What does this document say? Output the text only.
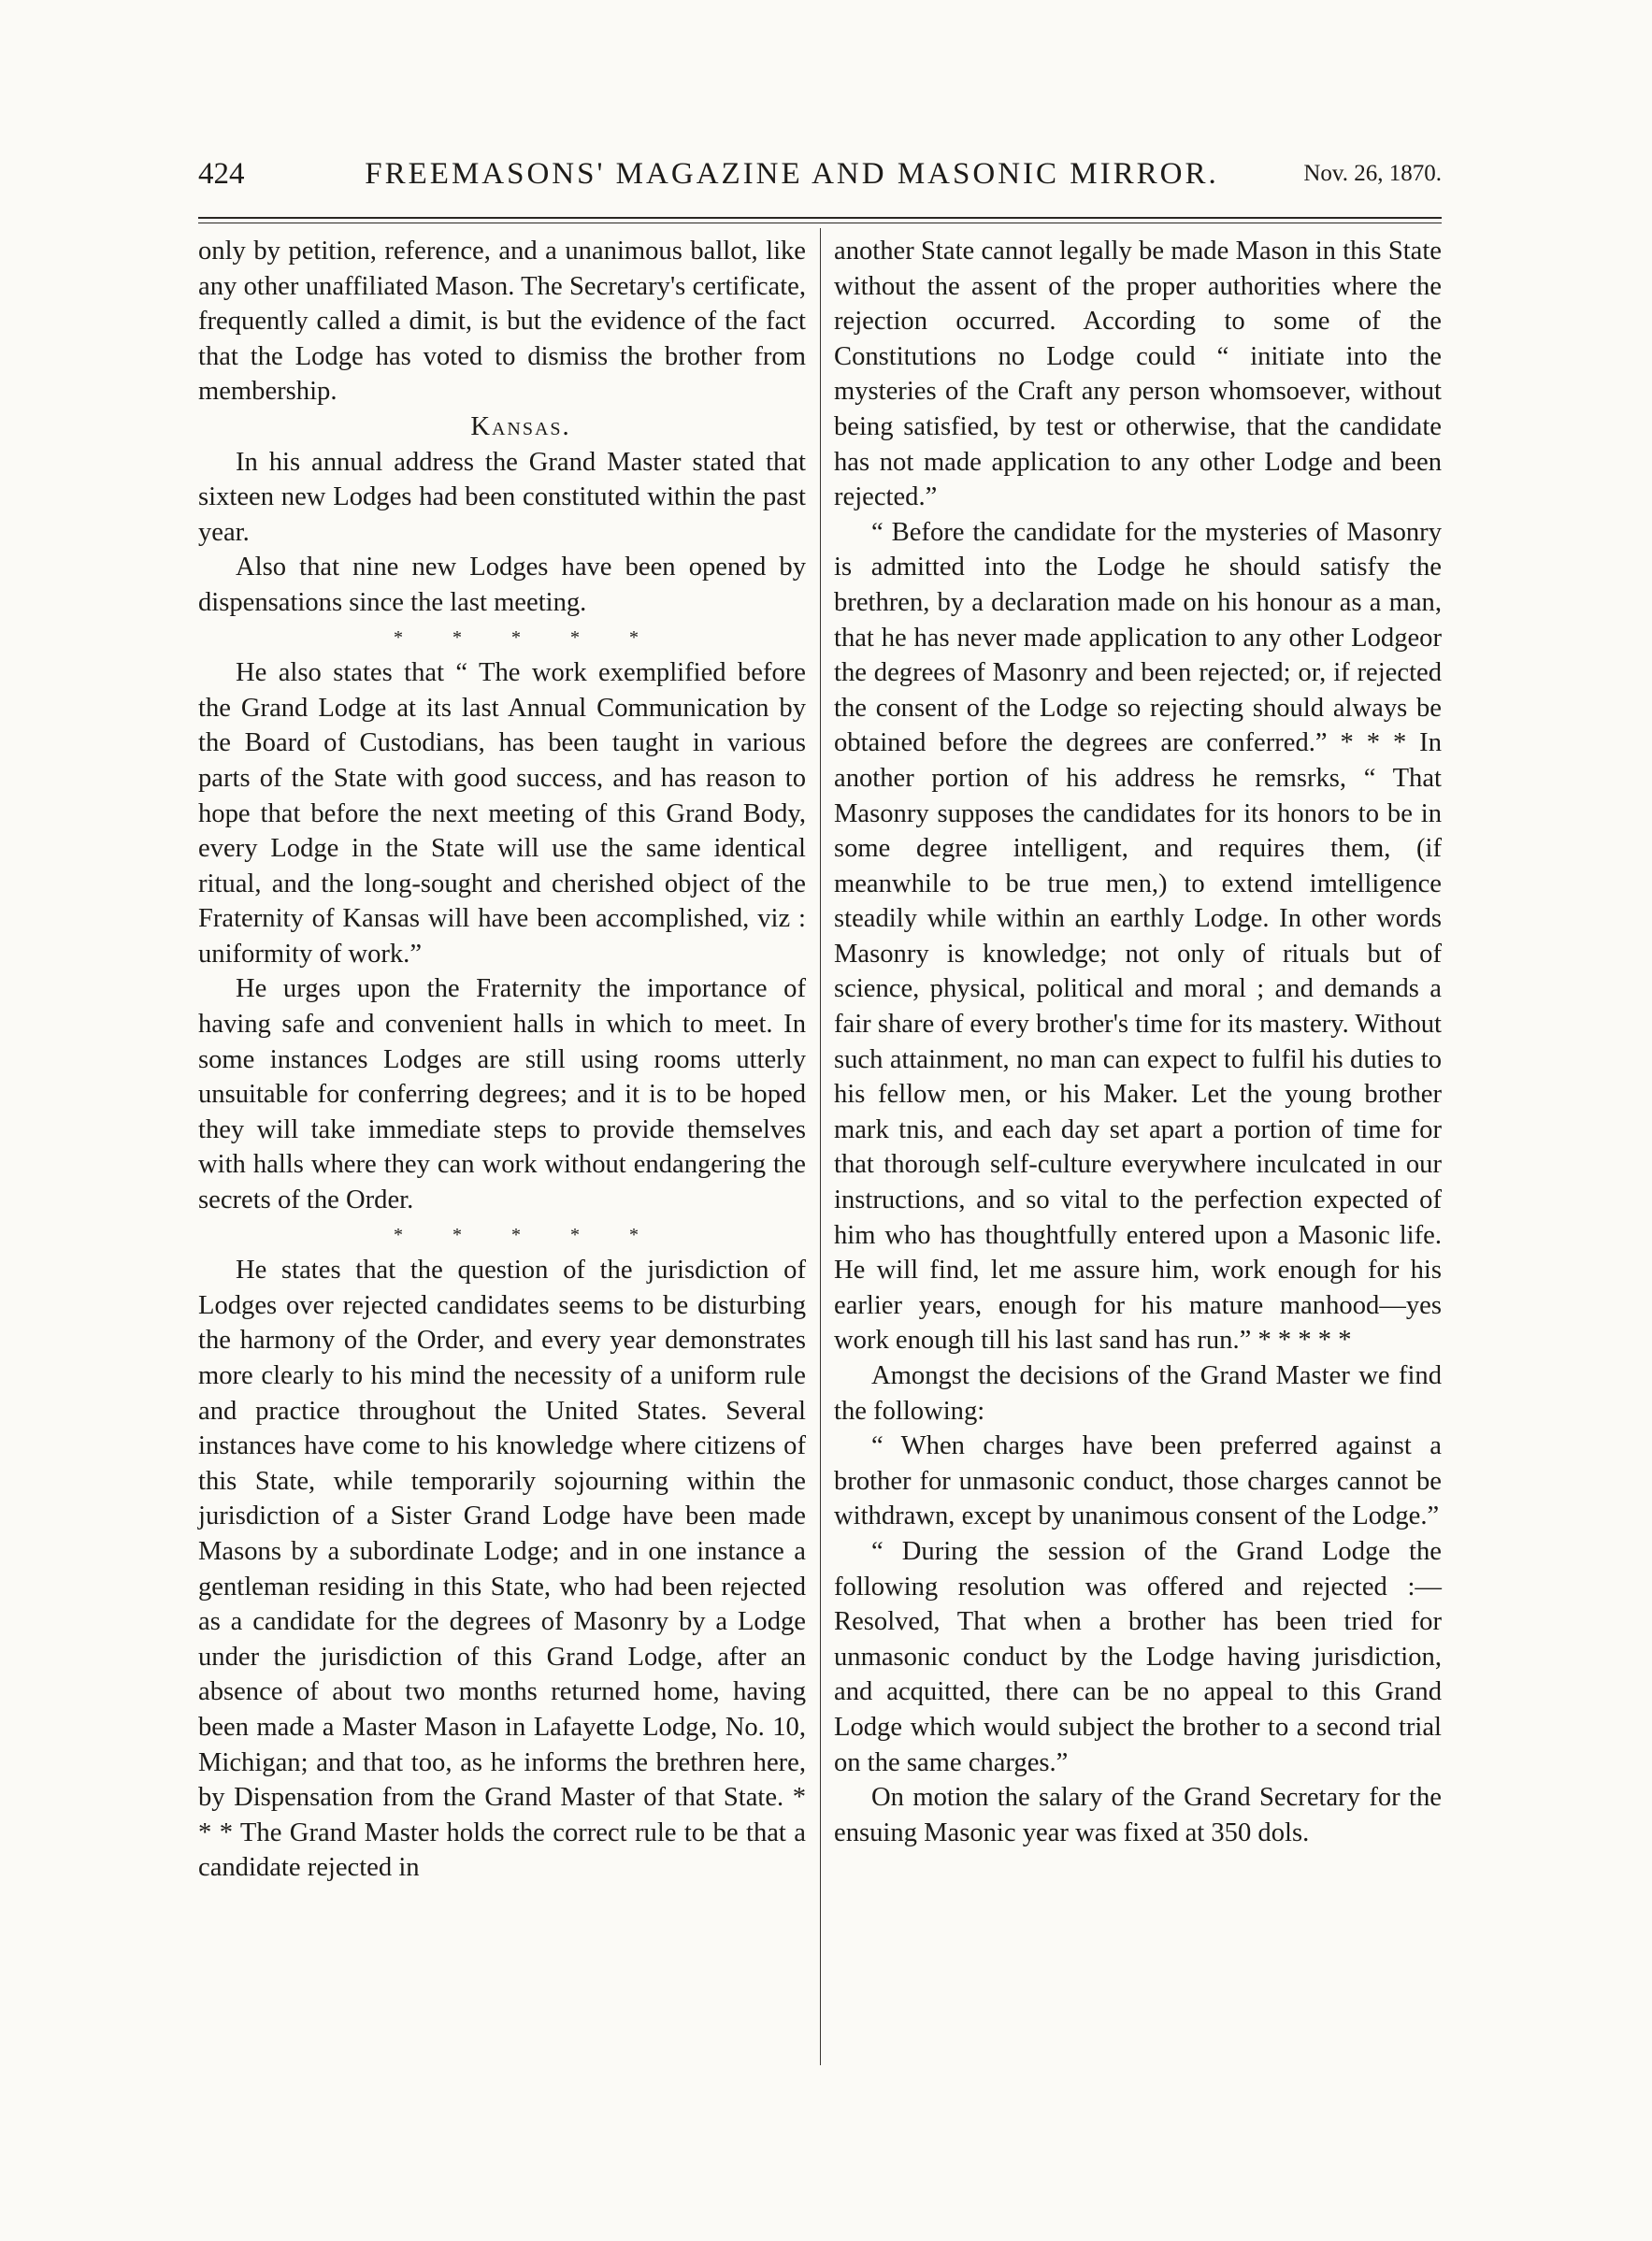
424	FREEMASONS' MAGAZINE AND MASONIC MIRROR.	Nov. 26, 1870.

only by petition, reference, and a unanimous ballot, like any other unaffiliated Mason. The Secretary's certificate, frequently called a dimit, is but the evidence of the fact that the Lodge has voted to dismiss the brother from membership.

Kansas.

In his annual address the Grand Master stated that sixteen new Lodges had been constituted within the past year.

Also that nine new Lodges have been opened by dispensations since the last meeting.

* * * * *

He also states that “ The work exemplified before the Grand Lodge at its last Annual Communication by the Board of Custodians, has been taught in various parts of the State with good success, and has reason to hope that before the next meeting of this Grand Body, every Lodge in the State will use the same identical ritual, and the long-sought and cherished object of the Fraternity of Kansas will have been accomplished, viz : uniformity of work.”

He urges upon the Fraternity the importance of having safe and convenient halls in which to meet. In some instances Lodges are still using rooms utterly unsuitable for conferring degrees; and it is to be hoped they will take immediate steps to provide themselves with halls where they can work without endangering the secrets of the Order.

* * * * *

He states that the question of the jurisdiction of Lodges over rejected candidates seems to be disturbing the harmony of the Order, and every year demonstrates more clearly to his mind the necessity of a uniform rule and practice throughout the United States. Several instances have come to his knowledge where citizens of this State, while temporarily sojourning within the jurisdiction of a Sister Grand Lodge have been made Masons by a subordinate Lodge; and in one instance a gentleman residing in this State, who had been rejected as a candidate for the degrees of Masonry by a Lodge under the jurisdiction of this Grand Lodge, after an absence of about two months returned home, having been made a Master Mason in Lafayette Lodge, No. 10, Michigan; and that too, as he informs the brethren here, by Dispensation from the Grand Master of that State. * * * The Grand Master holds the correct rule to be that a candidate rejected in

another State cannot legally be made Mason in this State without the assent of the proper authorities where the rejection occurred. According to some of the Constitutions no Lodge could “ initiate into the mysteries of the Craft any person whomsoever, without being satisfied, by test or otherwise, that the candidate has not made application to any other Lodge and been rejected.”

“ Before the candidate for the mysteries of Masonry is admitted into the Lodge he should satisfy the brethren, by a declaration made on his honour as a man, that he has never made application to any other Lodgeor the degrees of Masonry and been rejected; or, if rejected the consent of the Lodge so rejecting should always be obtained before the degrees are conferred.” * * * In another portion of his address he remsrks, “ That Masonry supposes the candidates for its honors to be in some degree intelligent, and requires them, (if meanwhile to be true men,) to extend imtelligence steadily while within an earthly Lodge. In other words Masonry is knowledge; not only of rituals but of science, physical, political and moral ; and demands a fair share of every brother's time for its mastery. Without such attainment, no man can expect to fulfil his duties to his fellow men, or his Maker. Let the young brother mark tnis, and each day set apart a portion of time for that thorough self-culture everywhere inculcated in our instructions, and so vital to the perfection expected of him who has thoughtfully entered upon a Masonic life. He will find, let me assure him, work enough for his earlier years, enough for his mature manhood—yes work enough till his last sand has run.” * * * * *

Amongst the decisions of the Grand Master we find the following:

“ When charges have been preferred against a brother for unmasonic conduct, those charges cannot be withdrawn, except by unanimous consent of the Lodge.”

“ During the session of the Grand Lodge the following resolution was offered and rejected :— Resolved, That when a brother has been tried for unmasonic conduct by the Lodge having jurisdiction, and acquitted, there can be no appeal to this Grand Lodge which would subject the brother to a second trial on the same charges.”

On motion the salary of the Grand Secretary for the ensuing Masonic year was fixed at 350 dols.
